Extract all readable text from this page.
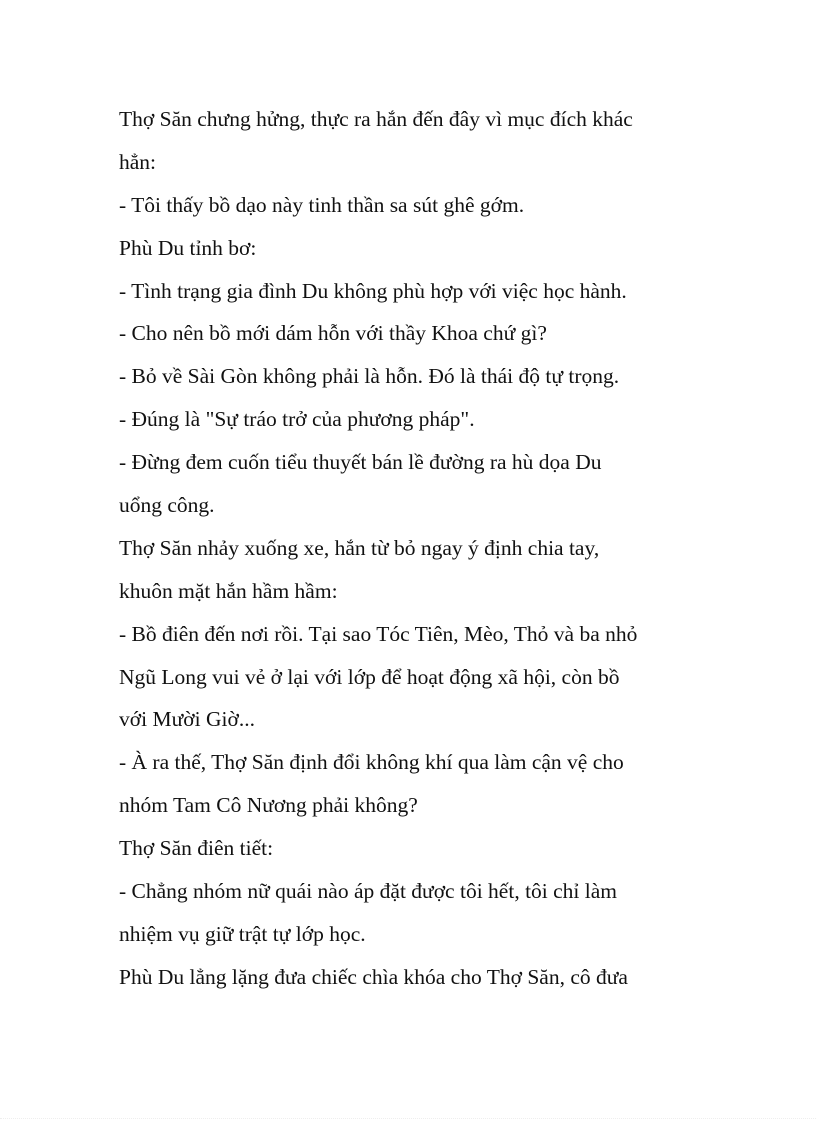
Thợ Săn chưng hửng, thực ra hắn đến đây vì mục đích khác
hẳn:
- Tôi thấy bồ dạo này tinh thần sa sút ghê gớm.
Phù Du tỉnh bơ:
- Tình trạng gia đình Du không phù hợp với việc học hành.
- Cho nên bồ mới dám hỗn với thầy Khoa chứ gì?
- Bỏ về Sài Gòn không phải là hỗn. Đó là thái độ tự trọng.
- Đúng là "Sự tráo trở của phương pháp".
- Đừng đem cuốn tiểu thuyết bán lề đường ra hù dọa Du
uổng công.
Thợ Săn nhảy xuống xe, hắn từ bỏ ngay ý định chia tay,
khuôn mặt hắn hầm hầm:
- Bồ điên đến nơi rồi. Tại sao Tóc Tiên, Mèo, Thỏ và ba nhỏ
Ngũ Long vui vẻ ở lại với lớp để hoạt động xã hội, còn bồ
với Mười Giờ...
- À ra thế, Thợ Săn định đổi không khí qua làm cận vệ cho
nhóm Tam Cô Nương phải không?
Thợ Săn điên tiết:
- Chẳng nhóm nữ quái nào áp đặt được tôi hết, tôi chỉ làm
nhiệm vụ giữ trật tự lớp học.
Phù Du lẳng lặng đưa chiếc chìa khóa cho Thợ Săn, cô đưa
